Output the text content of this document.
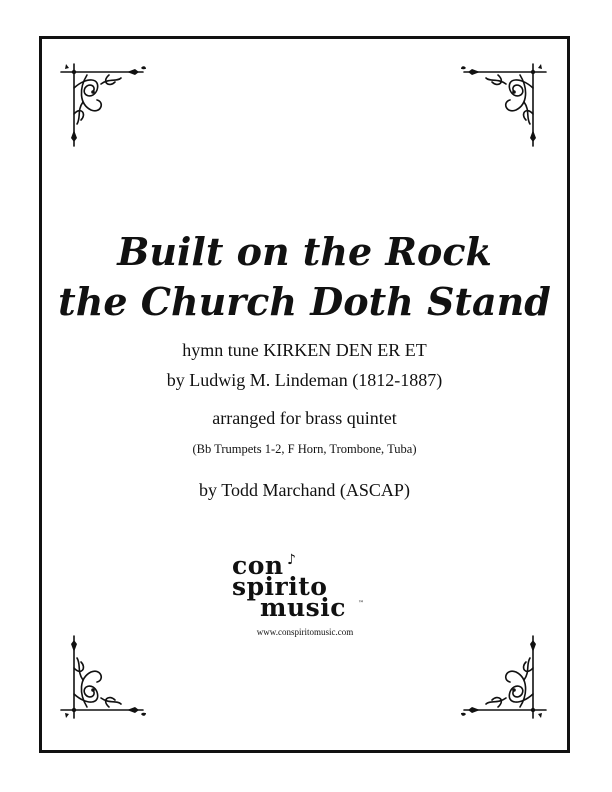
Built on the Rock
the Church Doth Stand
hymn tune KIRKEN DEN ER ET
by Ludwig M. Lindeman (1812-1887)
arranged for brass quintet
(Bb Trumpets 1-2, F Horn, Trombone, Tuba)
by Todd Marchand (ASCAP)
con ♪
spirito
music ™
www.conspiritomusic.com
